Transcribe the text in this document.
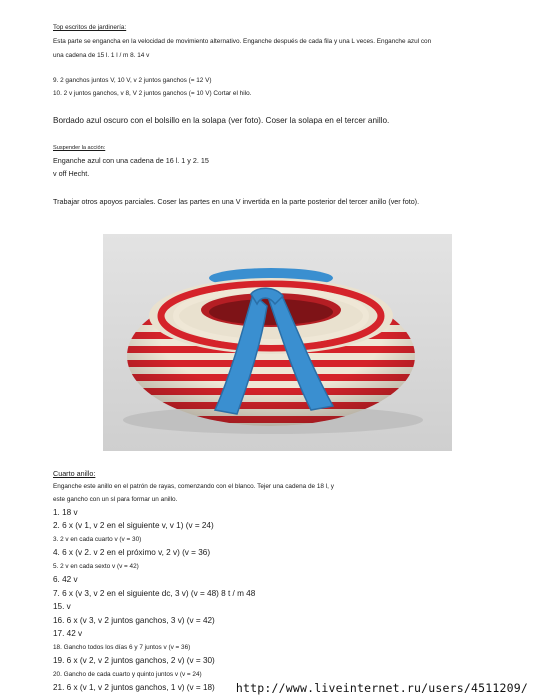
Top escritos de jardinería:
Esta parte se engancha en la velocidad de movimiento alternativo. Enganche después de cada fila y una L veces. Enganche azul con
una cadena de 15 l. 1 l / m 8. 14 v
9. 2 ganchos juntos V, 10 V, v 2 juntos ganchos (= 12 V)
10. 2 v juntos ganchos, v 8, V 2 juntos ganchos (= 10 V) Cortar el hilo.
Bordado azul oscuro con el bolsillo en la solapa (ver foto). Coser la solapa en el tercer anillo.
Suspender la acción:
Enganche azul con una cadena de 16 l. 1 y 2. 15
v off Hecht.
Trabajar otros apoyos parciales. Coser las partes en una V invertida en la parte posterior del tercer anillo (ver foto).
Cuarto anillo:
Enganche este anillo en el patrón de rayas, comenzando con el blanco. Tejer una cadena de 18 l, y
este gancho con un sl para formar un anillo.
1. 18 v
2. 6 x (v 1, v 2 en el siguiente v, v 1) (v = 24)
3. 2 v en cada cuarto v (v = 30)
4. 6 x (v 2. v 2 en el próximo v, 2 v) (v = 36)
5. 2 v en cada sexto v (v = 42)
6. 42 v
7. 6 x (v 3, v 2 en el siguiente dc, 3 v) (v = 48) 8 t / m 48
15. v
16. 6 x (v 3, v 2 juntos ganchos, 3 v) (v = 42)
17. 42 v
18. Gancho todos los días 6 y 7 juntos v (v = 36)
19. 6 x (v 2, v 2 juntos ganchos, 2 v) (v = 30)
20. Gancho de cada cuarto y quinto juntos v (v = 24)
21. 6 x (v 1, v 2 juntos ganchos, 1 v) (v = 18) http://www.liveinternet.ru/users/4511209/
